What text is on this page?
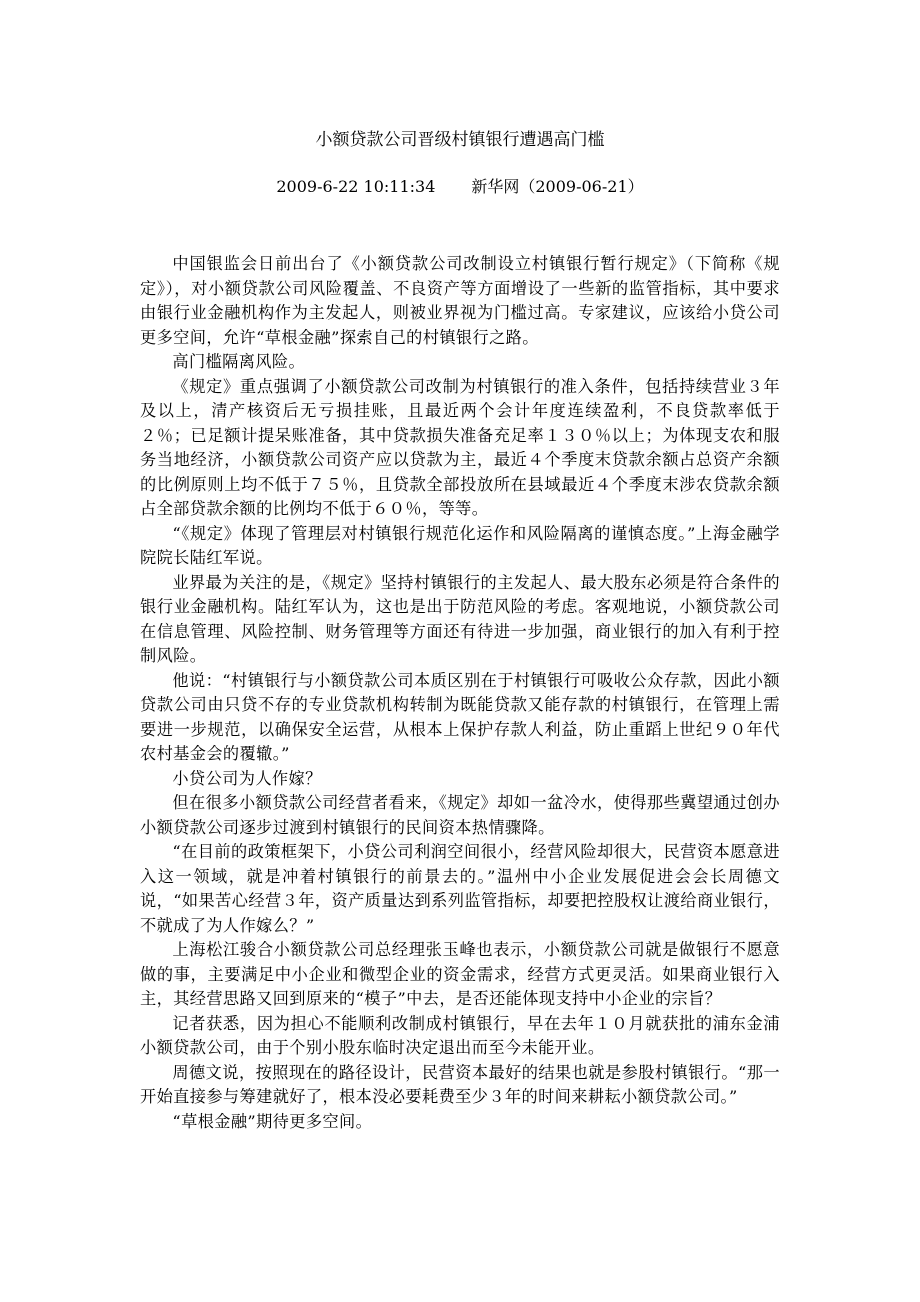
小额贷款公司晋级村镇银行遭遇高门槛
2009-6-22 10:11:34 新华网（2009-06-21）

中国银监会日前出台了《小额贷款公司改制设立村镇银行暂行规定》（下简称《规定》），对小额贷款公司风险覆盖、不良资产等方面增设了一些新的监管指标，其中要求由银行业金融机构作为主发起人，则被业界视为门槛过高。专家建议，应该给小贷公司更多空间，允许“草根金融”探索自己的村镇银行之路。

高门槛隔离风险。

《规定》重点强调了小额贷款公司改制为村镇银行的准入条件，包括持续营业３年及以上，清产核资后无亏损挂账，且最近两个会计年度连续盈利，不良贷款率低于２％；已足额计提呆账准备，其中贷款损失准备充足率１３０％以上；为体现支农和服务当地经济，小额贷款公司资产应以贷款为主，最近４个季度末贷款余额占总资产余额的比例原则上均不低于７５％，且贷款全部投放所在县域最近４个季度末涉农贷款余额占全部贷款余额的比例均不低于６０％，等等。

“《规定》体现了管理层对村镇银行规范化运作和风险隔离的谨慎态度。”上海金融学院院长陆红军说。

业界最为关注的是，《规定》坚持村镇银行的主发起人、最大股东必须是符合条件的银行业金融机构。陆红军认为，这也是出于防范风险的考虑。客观地说，小额贷款公司在信息管理、风险控制、财务管理等方面还有待进一步加强，商业银行的加入有利于控制风险。

他说：“村镇银行与小额贷款公司本质区别在于村镇银行可吸收公众存款，因此小额贷款公司由只贷不存的专业贷款机构转制为既能贷款又能存款的村镇银行，在管理上需要进一步规范，以确保安全运营，从根本上保护存款人利益，防止重蹈上世纪９０年代农村基金会的覆辙。”

小贷公司为人作嫁？

但在很多小额贷款公司经营者看来，《规定》却如一盆冷水，使得那些冀望通过创办小额贷款公司逐步过渡到村镇银行的民间资本热情骤降。

“在目前的政策框架下，小贷公司利润空间很小，经营风险却很大，民营资本愿意进入这一领域，就是冲着村镇银行的前景去的。”温州中小企业发展促进会会长周德文说，“如果苦心经营３年，资产质量达到系列监管指标，却要把控股权让渡给商业银行，不就成了为人作嫁么？”

上海松江骏合小额贷款公司总经理张玉峰也表示，小额贷款公司就是做银行不愿意做的事，主要满足中小企业和微型企业的资金需求，经营方式更灵活。如果商业银行入主，其经营思路又回到原来的“模子”中去，是否还能体现支持中小企业的宗旨？

记者获悉，因为担心不能顺利改制成村镇银行，早在去年１０月就获批的浦东金浦小额贷款公司，由于个别小股东临时决定退出而至今未能开业。

周德文说，按照现在的路径设计，民营资本最好的结果也就是参股村镇银行。“那一开始直接参与筹建就好了，根本没必要耗费至少３年的时间来耕耘小额贷款公司。”

“草根金融”期待更多空间。
